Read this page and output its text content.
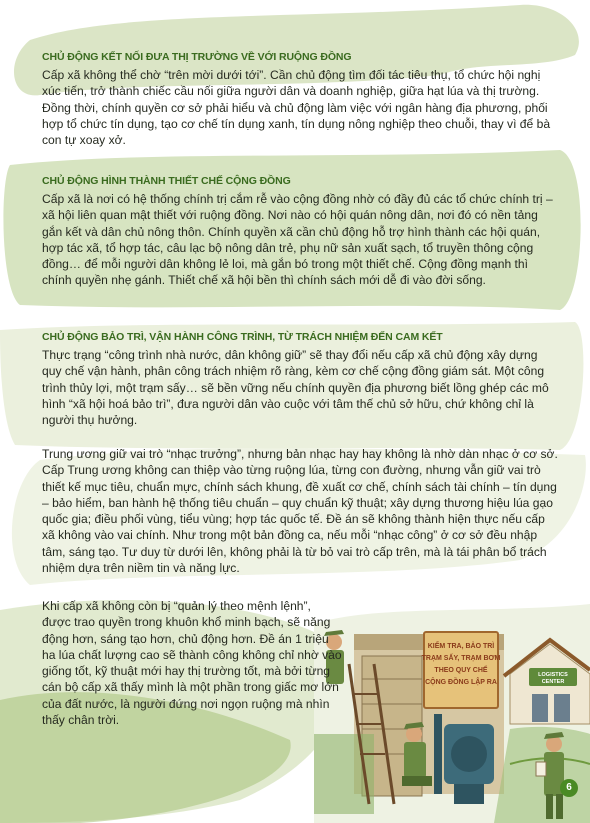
KIỂM TRA, BẢO TRÌ
TRẠM SẤY, TRẠM BƠM
THEO QUY CHẾ
CỘNG ĐỒNG LẬP RA
LOGISTICS
CENTER
CHỦ ĐỘNG KẾT NỐI ĐƯA THỊ TRƯỜNG VỀ VỚI RUỘNG ĐỒNG
Cấp xã không thể chờ “trên mời dưới tới”. Cần chủ động tìm đối tác tiêu thụ, tổ chức hội nghị xúc tiến, trở thành chiếc cầu nối giữa người dân và doanh nghiệp, giữa hạt lúa và thị trường. Đồng thời, chính quyền cơ sở phải hiểu và chủ động làm việc với ngân hàng địa phương, phối hợp tổ chức tín dụng, tạo cơ chế tín dụng xanh, tín dụng nông nghiệp theo chuỗi, thay vì để bà con tự xoay xở.
CHỦ ĐỘNG HÌNH THÀNH THIẾT CHẾ CỘNG ĐỒNG
Cấp xã là nơi có hệ thống chính trị cắm rễ vào cộng đồng nhờ có đầy đủ các tổ chức chính trị – xã hội liên quan mật thiết với ruộng đồng. Nơi nào có hội quán nông dân, nơi đó có nền tảng gắn kết và dân chủ nông thôn. Chính quyền xã cần chủ động hỗ trợ hình thành các hội quán, hợp tác xã, tổ hợp tác, câu lạc bộ nông dân trẻ, phụ nữ sản xuất sạch, tổ truyền thông cộng đồng… để mỗi người dân không lẻ loi, mà gắn bó trong một thiết chế. Cộng đồng mạnh thì chính quyền nhẹ gánh. Thiết chế xã hội bền thì chính sách mới dễ đi vào đời sống.
CHỦ ĐỘNG BẢO TRÌ, VẬN HÀNH CÔNG TRÌNH, TỪ TRÁCH NHIỆM ĐẾN CAM KẾT
Thực trạng “công trình nhà nước, dân không giữ” sẽ thay đổi nếu cấp xã chủ động xây dựng quy chế vận hành, phân công trách nhiệm rõ ràng, kèm cơ chế cộng đồng giám sát. Một công trình thủy lợi, một trạm sấy… sẽ bền vững nếu chính quyền địa phương biết lồng ghép các mô hình “xã hội hoá bảo trì”, đưa người dân vào cuộc với tâm thế chủ sở hữu, chứ không chỉ là người thụ hưởng.
Trung ương giữ vai trò “nhạc trưởng”, nhưng bản nhạc hay hay không là nhờ dàn nhạc ở cơ sở. Cấp Trung ương không can thiệp vào từng ruộng lúa, từng con đường, nhưng vẫn giữ vai trò thiết kế mục tiêu, chuẩn mực, chính sách khung, đề xuất cơ chế, chính sách tài chính – tín dụng – bảo hiểm, ban hành hệ thống tiêu chuẩn – quy chuẩn kỹ thuật; xây dựng thương hiệu lúa gạo quốc gia; điều phối vùng, tiểu vùng; hợp tác quốc tế. Đề án sẽ không thành hiện thực nếu cấp xã không vào vai chính. Như trong một bản đồng ca, nếu mỗi “nhạc công” ở cơ sở đều nhập tâm, sáng tạo. Tư duy từ dưới lên, không phải là từ bỏ vai trò cấp trên, mà là tái phân bổ trách nhiệm dựa trên niềm tin và năng lực.
Khi cấp xã không còn bị “quản lý theo mệnh lệnh”, được trao quyền trong khuôn khổ minh bạch, sẽ năng động hơn, sáng tạo hơn, chủ động hơn. Đề án 1 triệu ha lúa chất lượng cao sẽ thành công không chỉ nhờ vào giống tốt, kỹ thuật mới hay thị trường tốt, mà bởi từng cán bộ cấp xã thấy mình là một phần trong giấc mơ lớn của đất nước, là người đứng nơi ngọn ruộng mà nhìn thấy chân trời.
6
